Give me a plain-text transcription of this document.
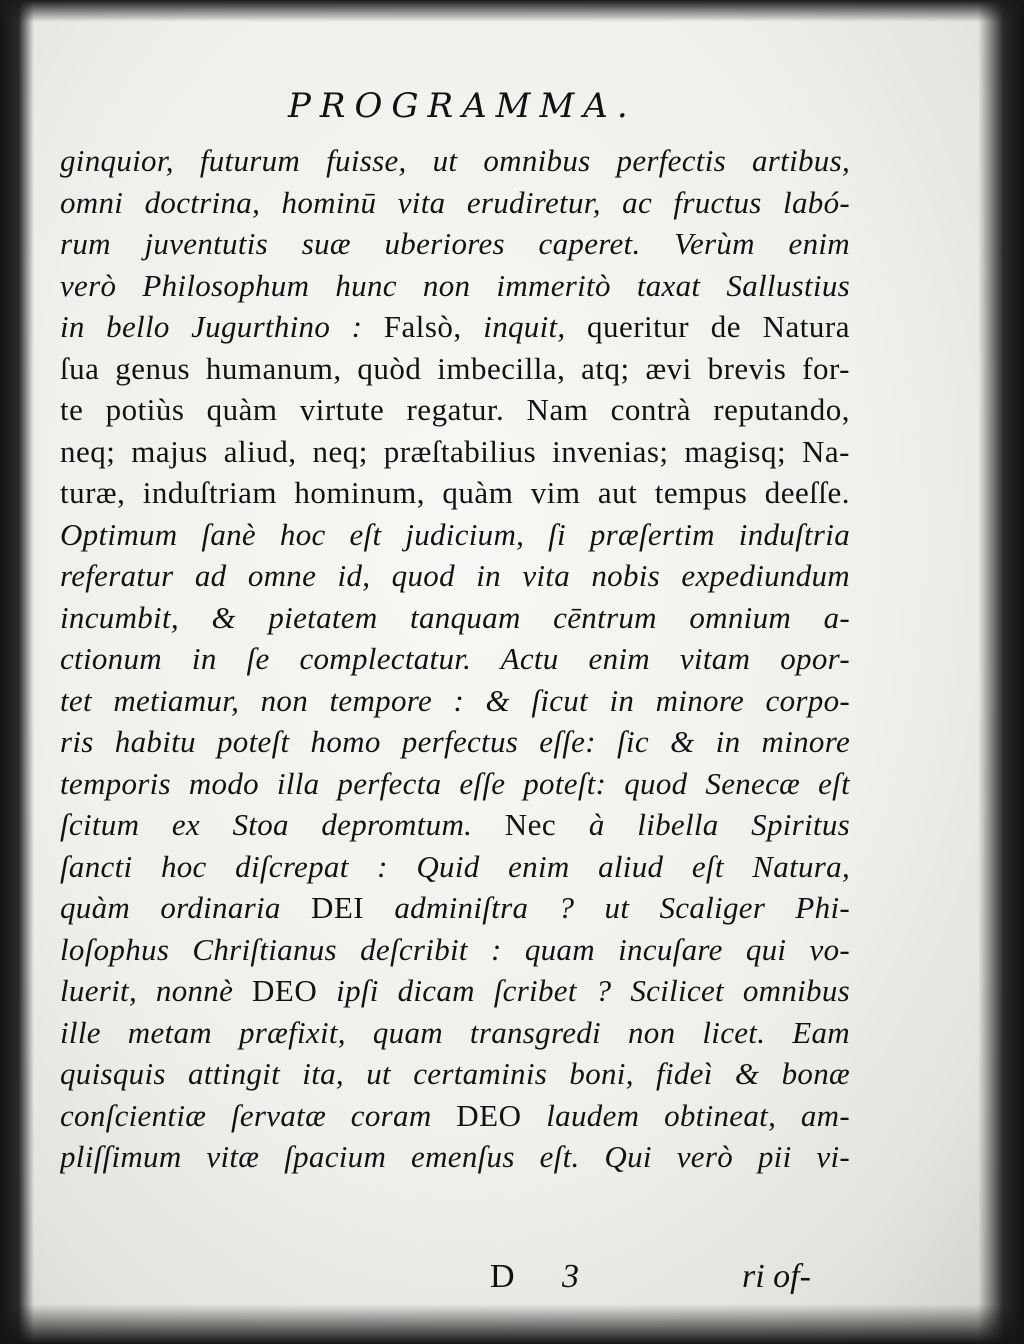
PROGRAMMA.
ginquior, futurum fuisse, ut omnibus perfectis artibus,
omni doctrina, hominū vita erudiretur, ac fructus labó-
rum juventutis suæ uberiores caperet. Verùm enim
verò Philosophum hunc non immeritò taxat Sallustius
in bello Jugurthino : Falsò, inquit, queritur de Natura
ſua genus humanum, quòd imbecilla, atq; ævi brevis for-
te potiùs quàm virtute regatur. Nam contrà reputando,
neq; majus aliud, neq; præſtabilius invenias; magisq; Na-
turæ, induſtriam hominum, quàm vim aut tempus deeſſe.
Optimum ſanè hoc eſt judicium, ſi præſertim induſtria
referatur ad omne id, quod in vita nobis expediundum
incumbit, & pietatem tanquam cēntrum omnium a-
ctionum in ſe complectatur. Actu enim vitam opor-
tet metiamur, non tempore : & ſicut in minore corpo-
ris habitu poteſt homo perfectus eſſe: ſic & in minore
temporis modo illa perfecta eſſe poteſt: quod Senecæ eſt
ſcitum ex Stoa depromtum. Nec à libella Spiritus
ſancti hoc diſcrepat : Quid enim aliud eſt Natura,
quàm ordinaria DEI adminiſtra ? ut Scaliger Phi-
loſophus Chriſtianus deſcribit : quam incuſare qui vo-
luerit, nonnè DEO ipſi dicam ſcribet ? Scilicet omnibus
ille metam præfixit, quam transgredi non licet. Eam
quisquis attingit ita, ut certaminis boni, fideì & bonæ
conſcientiæ ſervatæ coram DEO laudem obtineat, am-
pliſſimum vitæ ſpacium emenſus eſt. Qui verò pii vi-
D 3	ri of-
